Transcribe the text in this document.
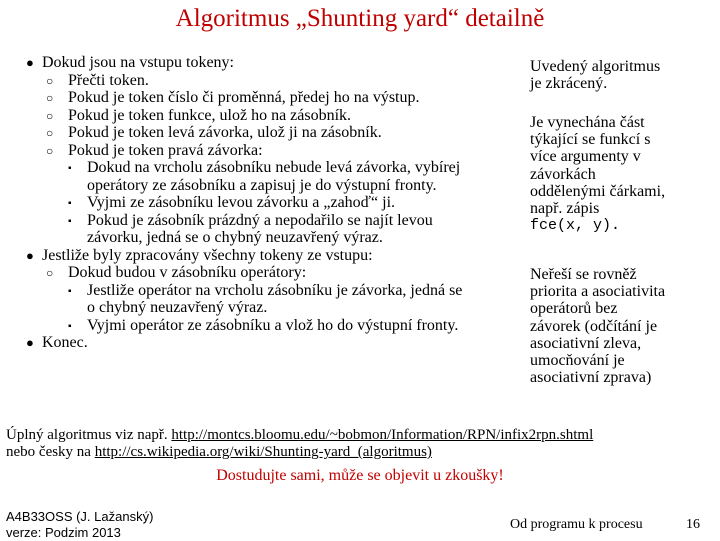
Algoritmus „Shunting yard“ detailně
● Dokud jsou na vstupu tokeny:
○ Přečti token.
○ Pokud je token číslo či proměnná, předej ho na výstup.
○ Pokud je token funkce, ulož ho na zásobník.
○ Pokud je token levá závorka, ulož ji na zásobník.
○ Pokud je token pravá závorka:
▪ Dokud na vrcholu zásobníku nebude levá závorka, vybírej
operátory ze zásobníku a zapisuj je do výstupní fronty.
▪ Vyjmi ze zásobníku levou závorku a „zahoď“ ji.
▪ Pokud je zásobník prázdný a nepodařilo se najít levou
závorku, jedná se o chybný neuzavřený výraz.
● Jestliže byly zpracovány všechny tokeny ze vstupu:
○ Dokud budou v zásobníku operátory:
▪ Jestliže operátor na vrcholu zásobníku je závorka, jedná se
o chybný neuzavřený výraz.
▪ Vyjmi operátor ze zásobníku a vlož ho do výstupní fronty.
● Konec.
Uvedený algoritmus
je zkrácený.
Je vynechána část
týkající se funkcí s
více argumenty v
závorkách
oddělenými čárkami,
např. zápis
fce(x, y).
Neřeší se rovněž
priorita a asociativita
operátorů bez
závorek (odčítání je
asociativní zleva,
umocňování je
asociativní zprava)
Úplný algoritmus viz např. http://montcs.bloomu.edu/~bobmon/Information/RPN/infix2rpn.shtml
nebo česky na http://cs.wikipedia.org/wiki/Shunting-yard_(algoritmus)
Dostudujte sami, může se objevit u zkoušky!
A4B33OSS (J. Lažanský)
verze: Podzim 2013
Od programu k procesu	16
